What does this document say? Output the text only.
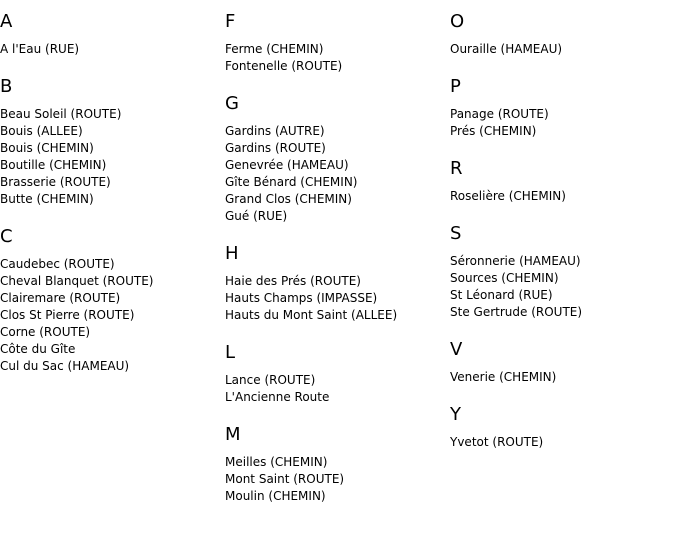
A
A l'Eau (RUE)
B
Beau Soleil (ROUTE)
Bouis (ALLEE)
Bouis (CHEMIN)
Boutille (CHEMIN)
Brasserie (ROUTE)
Butte (CHEMIN)
C
Caudebec (ROUTE)
Cheval Blanquet (ROUTE)
Clairemare (ROUTE)
Clos St Pierre (ROUTE)
Corne (ROUTE)
Côte du Gîte
Cul du Sac (HAMEAU)
F
Ferme (CHEMIN)
Fontenelle (ROUTE)
G
Gardins (AUTRE)
Gardins (ROUTE)
Genevrée (HAMEAU)
Gîte Bénard (CHEMIN)
Grand Clos (CHEMIN)
Gué (RUE)
H
Haie des Prés (ROUTE)
Hauts Champs (IMPASSE)
Hauts du Mont Saint (ALLEE)
L
Lance (ROUTE)
L'Ancienne Route
M
Meilles (CHEMIN)
Mont Saint (ROUTE)
Moulin (CHEMIN)
O
Ouraille (HAMEAU)
P
Panage (ROUTE)
Prés (CHEMIN)
R
Roselière (CHEMIN)
S
Séronnerie (HAMEAU)
Sources (CHEMIN)
St Léonard (RUE)
Ste Gertrude (ROUTE)
V
Venerie (CHEMIN)
Y
Yvetot (ROUTE)
